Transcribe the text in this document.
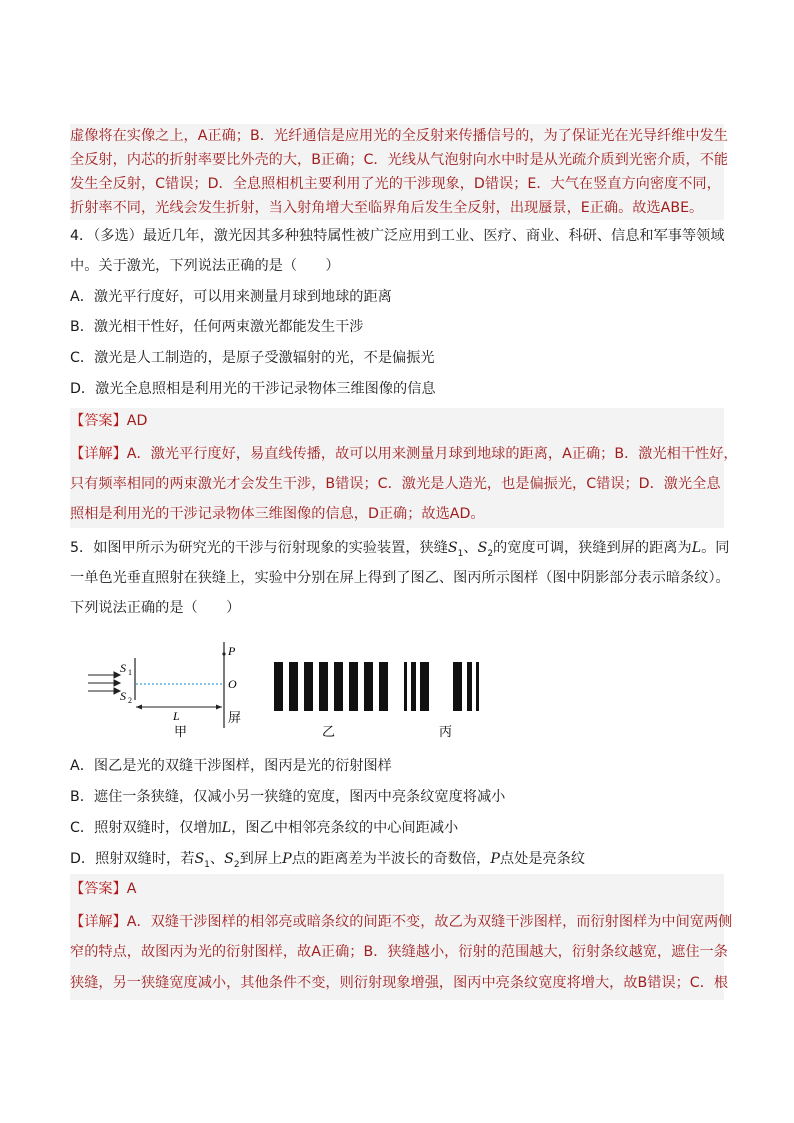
虚像将在实像之上，A正确；B．光纤通信是应用光的全反射来传播信号的，为了保证光在光导纤维中发生
全反射，内芯的折射率要比外壳的大，B正确；C．光线从气泡射向水中时是从光疏介质到光密介质，不能
发生全反射，C错误；D．全息照相机主要利用了光的干涉现象，D错误；E．大气在竖直方向密度不同，
折射率不同，光线会发生折射，当入射角增大至临界角后发生全反射，出现蜃景，E正确。故选ABE。
4．（多选）最近几年，激光因其多种独特属性被广泛应用到工业、医疗、商业、科研、信息和军事等领域
中。关于激光，下列说法正确的是（　　）
A．激光平行度好，可以用来测量月球到地球的距离
B．激光相干性好，任何两束激光都能发生干涉
C．激光是人工制造的，是原子受激辐射的光，不是偏振光
D．激光全息照相是利用光的干涉记录物体三维图像的信息
【答案】AD
【详解】A．激光平行度好，易直线传播，故可以用来测量月球到地球的距离，A正确；B．激光相干性好，
只有频率相同的两束激光才会发生干涉，B错误；C．激光是人造光，也是偏振光，C错误；D．激光全息
照相是利用光的干涉记录物体三维图像的信息，D正确；故选AD。
5．如图甲所示为研究光的干涉与衍射现象的实验装置，狭缝$S_1$、$S_2$的宽度可调，狭缝到屏的距离为L。同
一单色光垂直照射在狭缝上，实验中分别在屏上得到了图乙、图丙所示图样（图中阴影部分表示暗条纹）。
下列说法正确的是（　　）
S 1
S 2
P
O
L	屏
甲	乙	丙
A．图乙是光的双缝干涉图样，图丙是光的衍射图样
B．遮住一条狭缝，仅减小另一狭缝的宽度，图丙中亮条纹宽度将减小
C．照射双缝时，仅增加L，图乙中相邻亮条纹的中心间距减小
D．照射双缝时，若$S_1$、$S_2$到屏上P点的距离差为半波长的奇数倍，P点处是亮条纹
【答案】A
【详解】A．双缝干涉图样的相邻亮或暗条纹的间距不变，故乙为双缝干涉图样，而衍射图样为中间宽两侧
窄的特点，故图丙为光的衍射图样，故A正确；B．狭缝越小，衍射的范围越大，衍射条纹越宽，遮住一条
狭缝，另一狭缝宽度减小，其他条件不变，则衍射现象增强，图丙中亮条纹宽度将增大，故B错误；C．根
